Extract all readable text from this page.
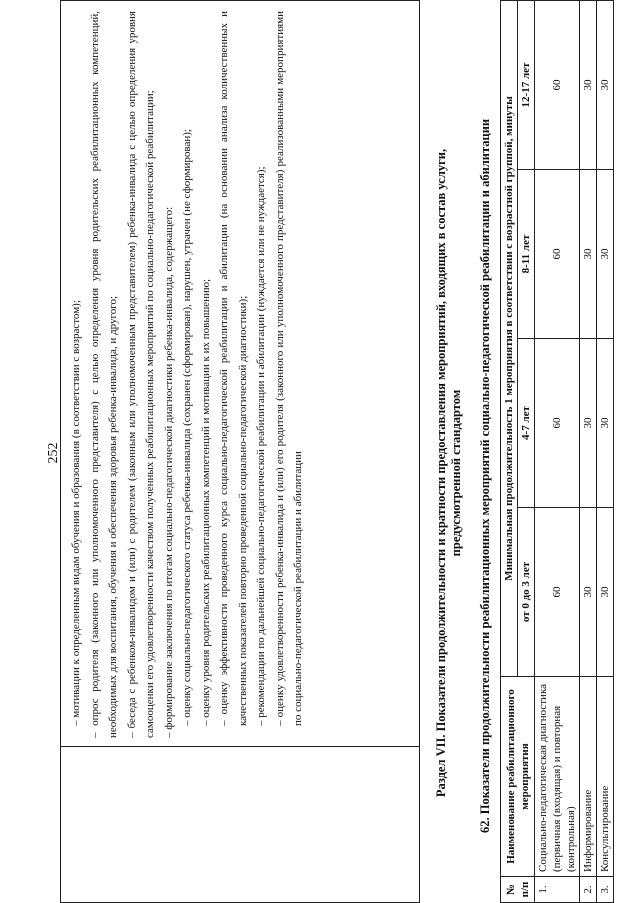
252
	– мотивации к определенным видам обучения и образования (в соответствии с возрастом); – опрос родителя (законного или уполномоченного представителя) с целью определения уровня родительских реабилитационных компетенций, необходимых для воспитания, обучения и обеспечения здоровья ребенка-инвалида, и другого; – беседа с ребенком-инвалидом и (или) с родителем (законным или уполномоченным представителем) ребенка-инвалида с целью определения уровня самооценки его удовлетворенности качеством полученных реабилитационных мероприятий по социально-педагогической реабилитации; – формирование заключения по итогам социально-педагогической диагностики ребенка-инвалида, содержащего: – оценку социально-педагогического статуса ребенка-инвалида (сохранен (сформирован), нарушен, утрачен (не сформирован); – оценку уровня родительских реабилитационных компетенций и мотивации к их повышению; – оценку эффективности проведенного курса социально-педагогической реабилитации и абилитации (на основании анализа количественных и качественных показателей повторно проведенной социально-педагогической диагностики); – рекомендации по дальнейшей социально-педагогической реабилитации и абилитации (нуждается или не нуждается); – оценку удовлетворенности ребенка-инвалида и (или) его родителя (законного или уполномоченного представителя) реализованными мероприятиями по социально-педагогической реабилитации и абилитации	Раздел VII. Показатели продолжительности и кратности предоставления мероприятий, входящих в состав услуги, предусмотренной стандартом 62. Показатели продолжительности реабилитационных мероприятий социально-педагогической реабилитации и абилитации
№ п/п	Наименование реабилитационного мероприятия	Минимальная продолжительность 1 мероприятия в соответствии с возрастной группой, минуты			
		от 0 до 3 лет	4-7 лет	8-11 лет	12-17 лет
1.	Социально-педагогическая диагностика (первичная (входящая) и повторная (контрольная)	60	60	60	60
2.	Информирование	30	30	30	30
3.	Консультирование	30	30	30	30
